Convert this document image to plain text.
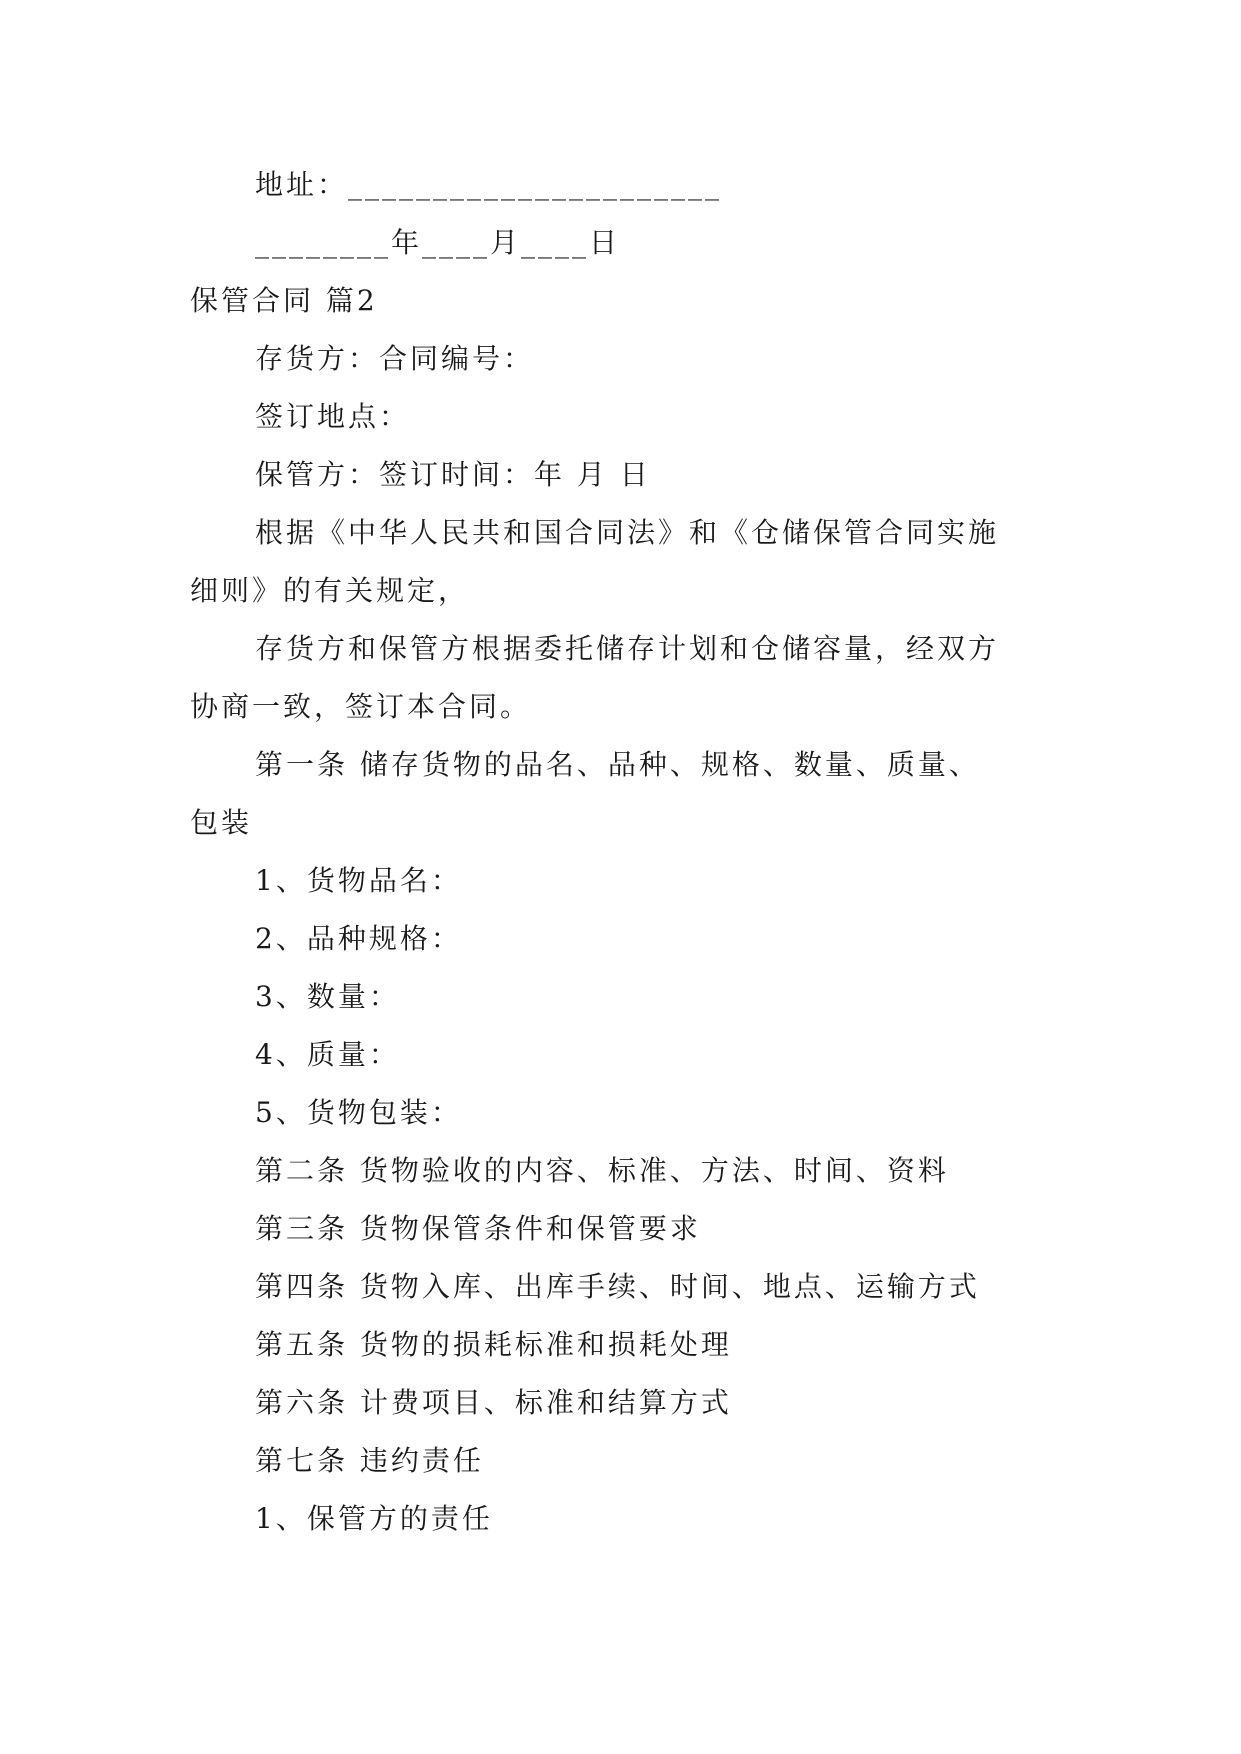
地址：______________________
________年____月____日
保管合同 篇2
存货方：合同编号：
签订地点：
保管方：签订时间：年 月 日
根据《中华人民共和国合同法》和《仓储保管合同实施
细则》的有关规定，
存货方和保管方根据委托储存计划和仓储容量，经双方
协商一致，签订本合同。
第一条 储存货物的品名、品种、规格、数量、质量、
包装
1、货物品名：
2、品种规格：
3、数量：
4、质量：
5、货物包装：
第二条 货物验收的内容、标准、方法、时间、资料
第三条 货物保管条件和保管要求
第四条 货物入库、出库手续、时间、地点、运输方式
第五条 货物的损耗标准和损耗处理
第六条 计费项目、标准和结算方式
第七条 违约责任
1、保管方的责任
